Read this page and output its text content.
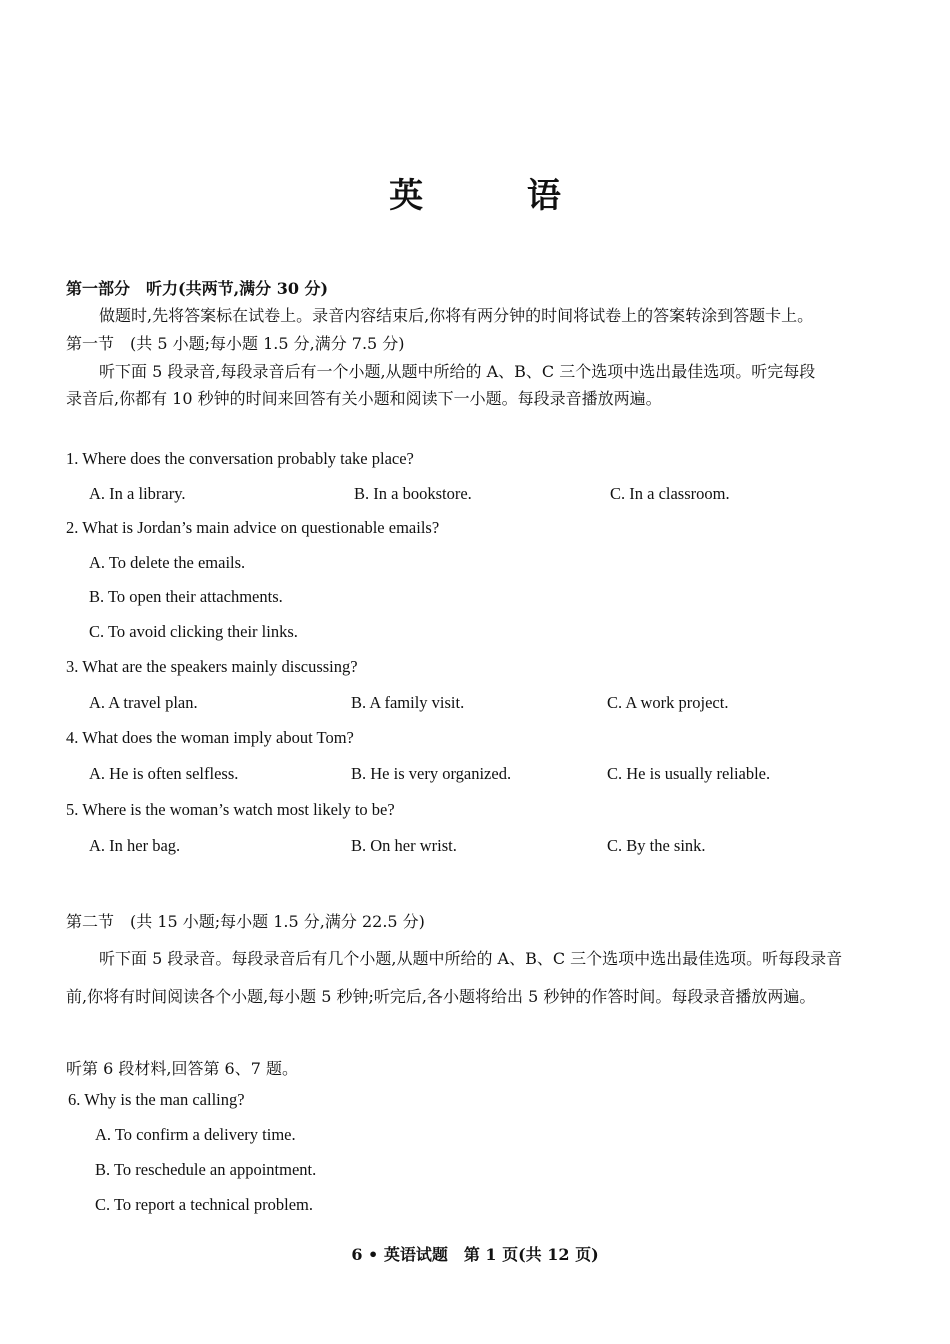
英 语
第一部分　听力(共两节,满分 30 分)
做题时,先将答案标在试卷上。录音内容结束后,你将有两分钟的时间将试卷上的答案转涂到答题卡上。
第一节　(共 5 小题;每小题 1.5 分,满分 7.5 分)
听下面 5 段录音,每段录音后有一个小题,从题中所给的 A、B、C 三个选项中选出最佳选项。听完每段
录音后,你都有 10 秒钟的时间来回答有关小题和阅读下一小题。每段录音播放两遍。
1. Where does the conversation probably take place?
A. In a library.	B. In a bookstore.	C. In a classroom.
2. What is Jordan’s main advice on questionable emails?
A. To delete the emails.
B. To open their attachments.
C. To avoid clicking their links.
3. What are the speakers mainly discussing?
A. A travel plan.	B. A family visit.	C. A work project.
4. What does the woman imply about Tom?
A. He is often selfless.	B. He is very organized.	C. He is usually reliable.
5. Where is the woman’s watch most likely to be?
A. In her bag.	B. On her wrist.	C. By the sink.
第二节　(共 15 小题;每小题 1.5 分,满分 22.5 分)
听下面 5 段录音。每段录音后有几个小题,从题中所给的 A、B、C 三个选项中选出最佳选项。听每段录音
前,你将有时间阅读各个小题,每小题 5 秒钟;听完后,各小题将给出 5 秒钟的作答时间。每段录音播放两遍。
听第 6 段材料,回答第 6、7 题。
6. Why is the man calling?
A. To confirm a delivery time.
B. To reschedule an appointment.
C. To report a technical problem.
6 • 英语试题　第 1 页(共 12 页)
